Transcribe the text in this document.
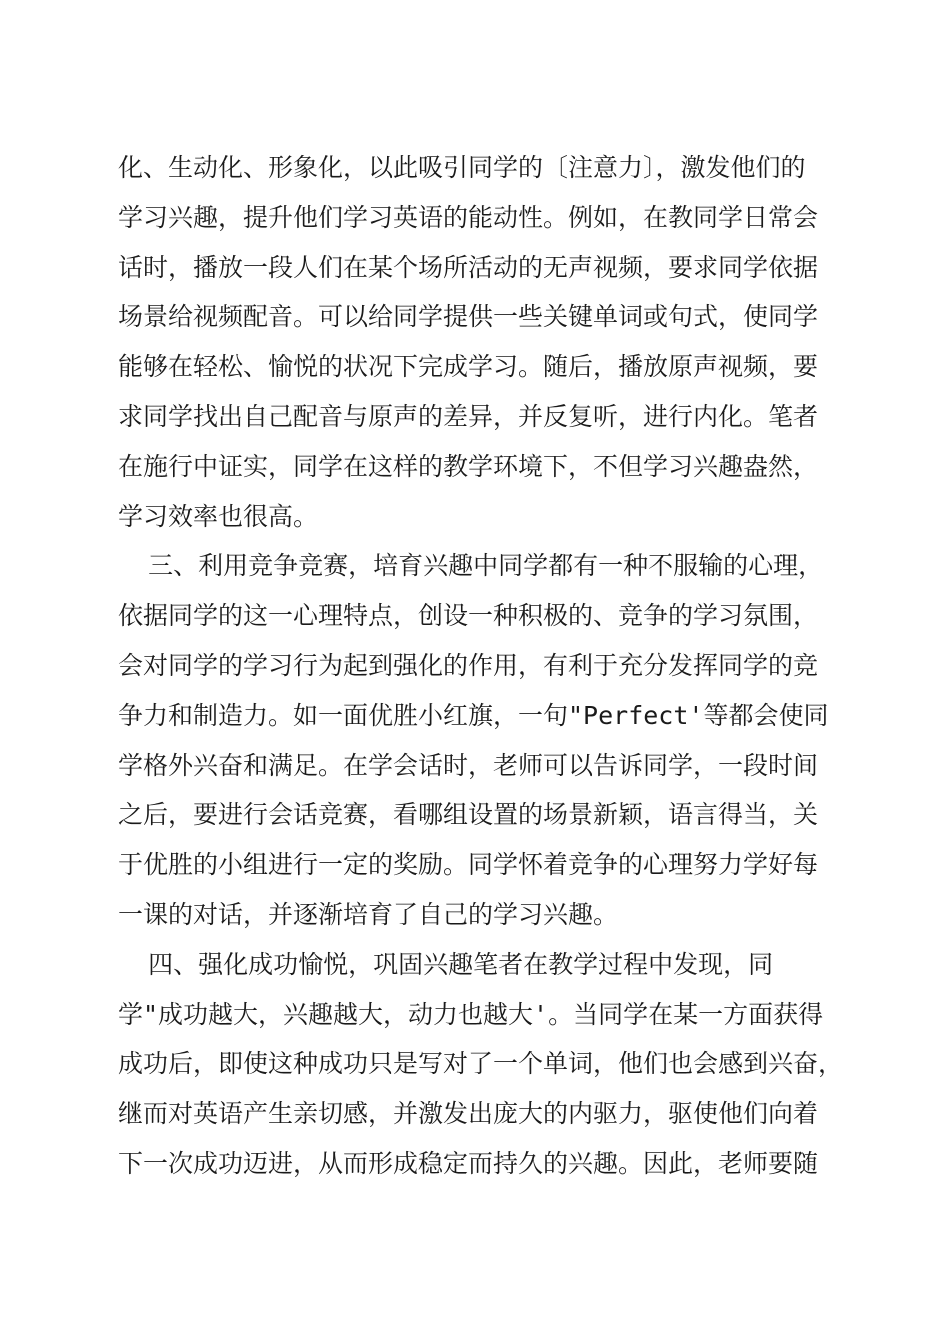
化、生动化、形象化，以此吸引同学的〔注意力〕，激发他们的
学习兴趣，提升他们学习英语的能动性。例如，在教同学日常会
话时，播放一段人们在某个场所活动的无声视频，要求同学依据
场景给视频配音。可以给同学提供一些关键单词或句式，使同学
能够在轻松、愉悦的状况下完成学习。随后，播放原声视频，要
求同学找出自己配音与原声的差异，并反复听，进行内化。笔者
在施行中证实，同学在这样的教学环境下，不但学习兴趣盎然，
学习效率也很高。
三、利用竞争竞赛，培育兴趣中同学都有一种不服输的心理，
依据同学的这一心理特点，创设一种积极的、竞争的学习氛围，
会对同学的学习行为起到强化的作用，有利于充分发挥同学的竞
争力和制造力。如一面优胜小红旗，一句"Perfect'等都会使同
学格外兴奋和满足。在学会话时，老师可以告诉同学，一段时间
之后，要进行会话竞赛，看哪组设置的场景新颖，语言得当，关
于优胜的小组进行一定的奖励。同学怀着竞争的心理努力学好每
一课的对话，并逐渐培育了自己的学习兴趣。
四、强化成功愉悦，巩固兴趣笔者在教学过程中发现，同
学"成功越大，兴趣越大，动力也越大'。当同学在某一方面获得
成功后，即使这种成功只是写对了一个单词，他们也会感到兴奋，
继而对英语产生亲切感，并激发出庞大的内驱力，驱使他们向着
下一次成功迈进，从而形成稳定而持久的兴趣。因此，老师要随
